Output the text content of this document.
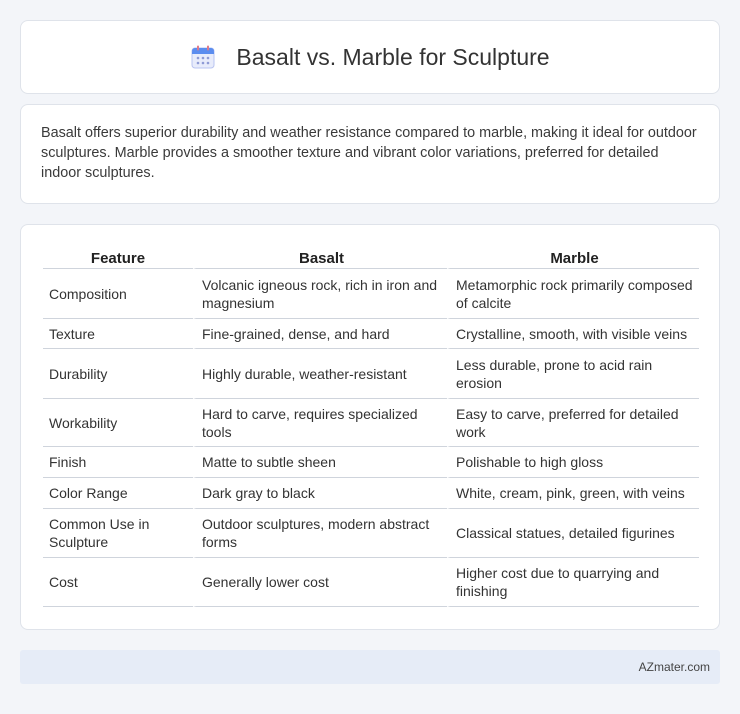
Basalt vs. Marble for Sculpture

Basalt offers superior durability and weather resistance compared to marble, making it ideal for outdoor sculptures. Marble provides a smoother texture and vibrant color variations, preferred for detailed indoor sculptures.

Feature	Basalt	Marble
Composition	Volcanic igneous rock, rich in iron and magnesium	Metamorphic rock primarily composed of calcite
Texture	Fine-grained, dense, and hard	Crystalline, smooth, with visible veins
Durability	Highly durable, weather-resistant	Less durable, prone to acid rain erosion
Workability	Hard to carve, requires specialized tools	Easy to carve, preferred for detailed work
Finish	Matte to subtle sheen	Polishable to high gloss
Color Range	Dark gray to black	White, cream, pink, green, with veins
Common Use in Sculpture	Outdoor sculptures, modern abstract forms	Classical statues, detailed figurines
Cost	Generally lower cost	Higher cost due to quarrying and finishing
AZmater.com
